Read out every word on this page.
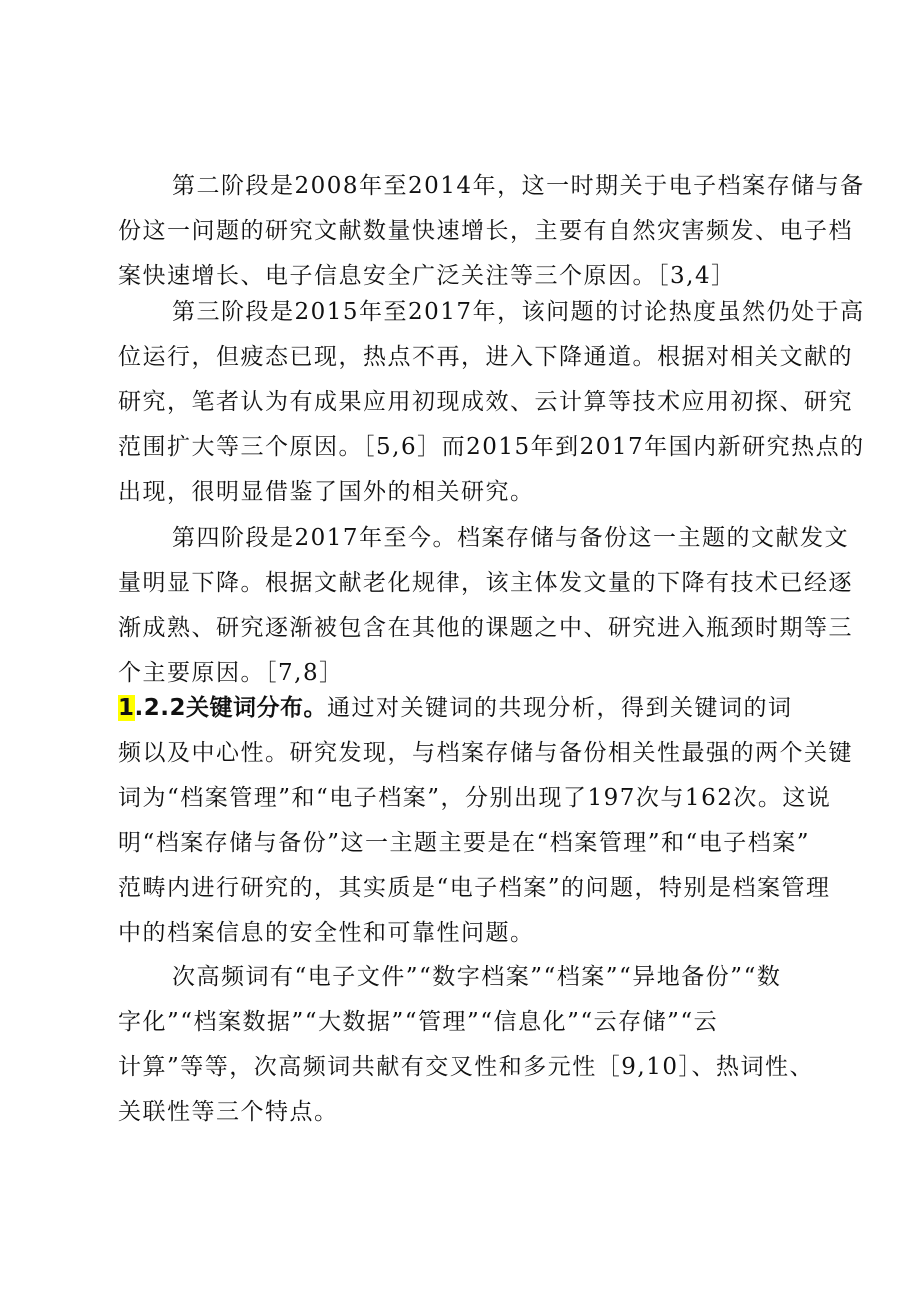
第二阶段是2008年至2014年，这一时期关于电子档案存储与备
份这一问题的研究文献数量快速增长，主要有自然灾害频发、电子档
案快速增长、电子信息安全广泛关注等三个原因。［3,4］
第三阶段是2015年至2017年，该问题的讨论热度虽然仍处于高
位运行，但疲态已现，热点不再，进入下降通道。根据对相关文献的
研究，笔者认为有成果应用初现成效、云计算等技术应用初探、研究
范围扩大等三个原因。［5,6］而2015年到2017年国内新研究热点的
出现，很明显借鉴了国外的相关研究。
第四阶段是2017年至今。档案存储与备份这一主题的文献发文
量明显下降。根据文献老化规律，该主体发文量的下降有技术已经逐
渐成熟、研究逐渐被包含在其他的课题之中、研究进入瓶颈时期等三
个主要原因。［7,8］
1.2.2关键词分布。通过对关键词的共现分析，得到关键词的词
频以及中心性。研究发现，与档案存储与备份相关性最强的两个关键
词为“档案管理”和“电子档案”，分别出现了197次与162次。这说
明“档案存储与备份”这一主题主要是在“档案管理”和“电子档案”
范畴内进行研究的，其实质是“电子档案”的问题，特别是档案管理
中的档案信息的安全性和可靠性问题。
次高频词有“电子文件”“数字档案”“档案”“异地备份”“数
字化”“档案数据”“大数据”“管理”“信息化”“云存储”“云
计算”等等，次高频词共献有交叉性和多元性［9,10］、热词性、
关联性等三个特点。
